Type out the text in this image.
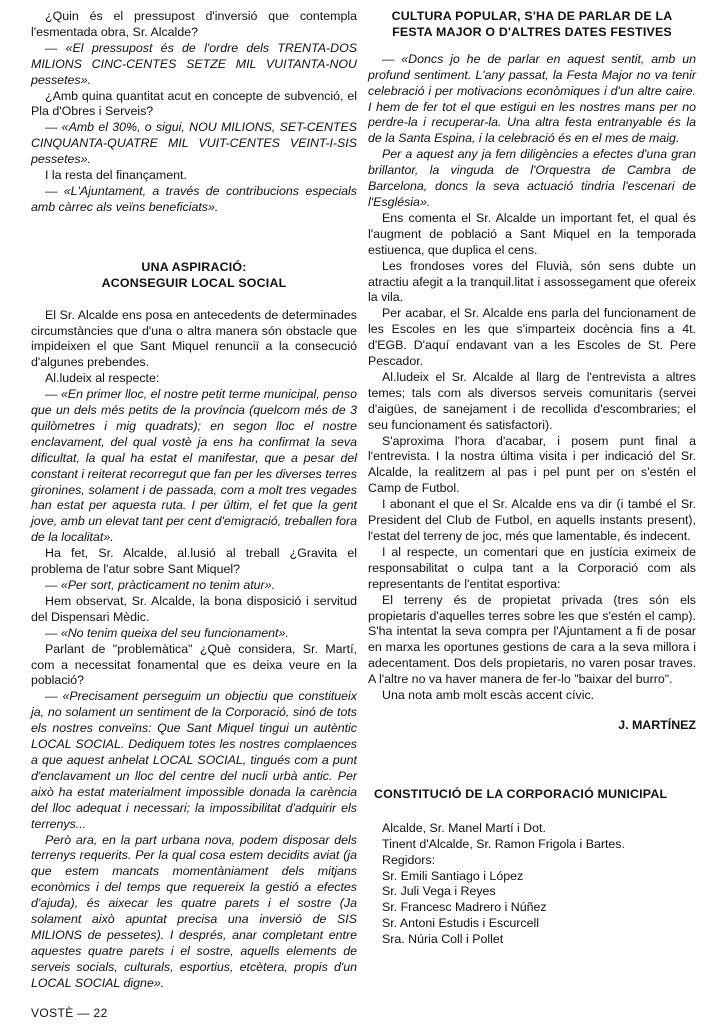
¿Quin és el pressupost d'inversió que contempla l'esmentada obra, Sr. Alcalde?

— «El pressupost és de l'ordre dels TRENTA-DOS MILIONS CINC-CENTES SETZE MIL VUITANTA-NOU pessetes».

¿Amb quina quantitat acut en concepte de subvenció, el Pla d'Obres i Serveis?

— «Amb el 30%, o sigui, NOU MILIONS, SET-CENTES CINQUANTA-QUATRE MIL VUIT-CENTES VEINT-I-SIS pessetes».

I la resta del finançament.

— «L'Ajuntament, a través de contribucions especials amb càrrec als veïns beneficiats».

UNA ASPIRACIÓ:
ACONSEGUIR LOCAL SOCIAL

El Sr. Alcalde ens posa en antecedents de determinades circumstàncies que d'una o altra manera són obstacle que impideixen el que Sant Miquel renunciï a la consecució d'algunes prebendes.

Al.ludeix al respecte:

— «En primer lloc, el nostre petit terme municipal, penso que un dels més petits de la província (quelcom més de 3 quilòmetres i mig quadrats); en segon lloc el nostre enclavament, del qual vostè ja ens ha confirmat la seva dificultat, la qual ha estat el manifestar, que a pesar del constant i reiterat recorregut que fan per les diverses terres gironines, solament i de passada, com a molt tres vegades han estat per aquesta ruta. I per últim, el fet que la gent jove, amb un elevat tant per cent d'emigració, treballen fora de la localitat».

Ha fet, Sr. Alcalde, al.lusió al treball ¿Gravita el problema de l'atur sobre Sant Miquel?

— «Per sort, pràcticament no tenim atur».

Hem observat, Sr. Alcalde, la bona disposició i servitud del Dispensari Mèdic.

— «No tenim queixa del seu funcionament».

Parlant de "problemàtica" ¿Què considera, Sr. Martí, com a necessitat fonamental que es deixa veure en la població?

— «Precisament perseguim un objectiu que constitueix ja, no solament un sentiment de la Corporació, sinó de tots els nostres conveïns: Que Sant Miquel tingui un autèntic LOCAL SOCIAL. Dediquem totes les nostres complaences a que aquest anhelat LOCAL SOCIAL, tingués com a punt d'enclavament un lloc del centre del nucli urbà antic. Per això ha estat materialment impossible donada la carència del lloc adequat i necessari; la impossibilitat d'adquirir els terrenys...

Però ara, en la part urbana nova, podem disposar dels terrenys requerits. Per la qual cosa estem decidits aviat (ja que estem mancats momentàniament dels mitjans econòmics i del temps que requereix la gestió a efectes d'ajuda), és aixecar les quatre parets i el sostre (Ja solament això apuntat precisa una inversió de SIS MILIONS de pessetes). I després, anar completant entre aquestes quatre parets i el sostre, aquells elements de serveis socials, culturals, esportius, etcètera, propis d'un LOCAL SOCIAL digne».

CULTURA POPULAR, S'HA DE PARLAR DE LA
FESTA MAJOR O D'ALTRES DATES FESTIVES

— «Doncs jo he de parlar en aquest sentit, amb un profund sentiment. L'any passat, la Festa Major no va tenir celebració i per motivacions econòmiques i d'un altre caire. I hem de fer tot el que estigui en les nostres mans per no perdre-la i recuperar-la. Una altra festa entranyable és la de la Santa Espina, i la celebració és en el mes de maig.

Per a aquest any ja fem diligències a efectes d'una gran brillantor, la vinguda de l'Orquestra de Cambra de Barcelona, doncs la seva actuació tindria l'escenari de l'Església».

Ens comenta el Sr. Alcalde un important fet, el qual és l'augment de població a Sant Miquel en la temporada estiuenca, que duplica el cens.

Les frondoses vores del Fluvià, són sens dubte un atractiu afegit a la tranquil.litat i assossegament que ofereix la vila.

Per acabar, el Sr. Alcalde ens parla del funcionament de les Escoles en les que s'imparteix docència fins a 4t. d'EGB. D'aquí endavant van a les Escoles de St. Pere Pescador.

Al.ludeix el Sr. Alcalde al llarg de l'entrevista a altres temes; tals com als diversos serveis comunitaris (servei d'aigües, de sanejament i de recollida d'escombraries; el seu funcionament és satisfactori).

S'aproxima l'hora d'acabar, i posem punt final a l'entrevista. I la nostra última visita i per indicació del Sr. Alcalde, la realitzem al pas i pel punt per on s'estén el Camp de Futbol.

I abonant el que el Sr. Alcalde ens va dir (i també el Sr. President del Club de Futbol, en aquells instants present), l'estat del terreny de joc, més que lamentable, és indecent.

I al respecte, un comentari que en justícia eximeix de responsabilitat o culpa tant a la Corporació com als representants de l'entitat esportiva:

El terreny és de propietat privada (tres són els propietaris d'aquelles terres sobre les que s'estén el camp). S'ha intentat la seva compra per l'Ajuntament a fi de posar en marxa les oportunes gestions de cara a la seva millora i adecentament. Dos dels propietaris, no varen posar traves. A l'altre no va haver manera de fer-lo "baixar del burro".

Una nota amb molt escàs accent cívic.

J. MARTÍNEZ

CONSTITUCIÓ DE LA CORPORACIÓ MUNICIPAL
Alcalde, Sr. Manel Martí i Dot.
Tinent d'Alcalde, Sr. Ramon Frigola i Bartes.
Regidors:
Sr. Emili Santiago i López
Sr. Juli Vega i Reyes
Sr. Francesc Madrero i Núñez
Sr. Antoni Estudis i Escurcell
Sra. Núria Coll i Pollet
VOSTÈ — 22
